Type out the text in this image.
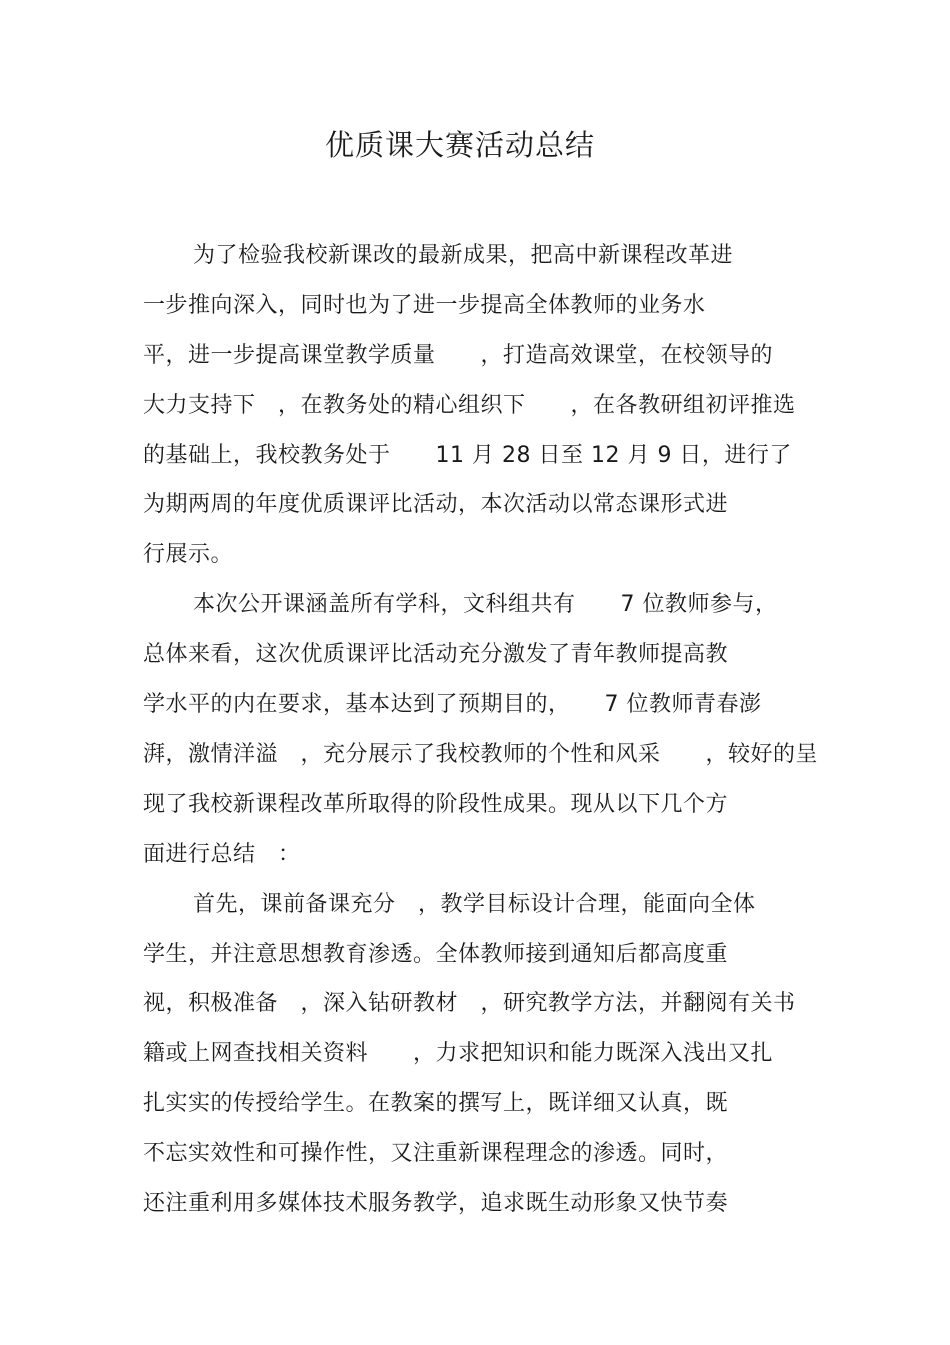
优质课大赛活动总结
为了检验我校新课改的最新成果，把高中新课程改革进
一步推向深入，同时也为了进一步提高全体教师的业务水
平，进一步提高课堂教学质量　　，打造高效课堂，在校领导的
大力支持下　，在教务处的精心组织下　　，在各教研组初评推选
的基础上，我校教务处于　　11 月 28 日至 12 月 9 日，进行了
为期两周的年度优质课评比活动，本次活动以常态课形式进
行展示。
本次公开课涵盖所有学科，文科组共有　　7 位教师参与，
总体来看，这次优质课评比活动充分激发了青年教师提高教
学水平的内在要求，基本达到了预期目的，　　7 位教师青春澎
湃，激情洋溢　，充分展示了我校教师的个性和风采　　，较好的呈
现了我校新课程改革所取得的阶段性成果。现从以下几个方
面进行总结　：
首先，课前备课充分　，教学目标设计合理，能面向全体
学生，并注意思想教育渗透。全体教师接到通知后都高度重
视，积极准备　，深入钻研教材　，研究教学方法，并翻阅有关书
籍或上网查找相关资料　　，力求把知识和能力既深入浅出又扎
扎实实的传授给学生。在教案的撰写上，既详细又认真，既
不忘实效性和可操作性，又注重新课程理念的渗透。同时，
还注重利用多媒体技术服务教学，追求既生动形象又快节奏
